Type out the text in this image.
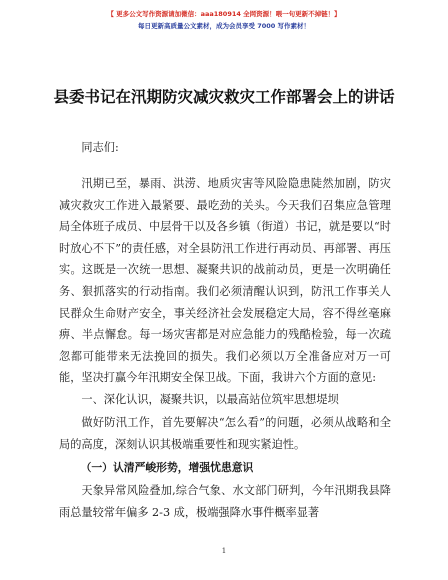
【 更多公文写作资源请加微信：aaa180914 全网资源！喂一句更新不掉链！】
每日更新高质量公文素材，成为会员享受 7000 写作素材！
县委书记在汛期防灾减灾救灾工作部署会上的讲话
同志们:
汛期已至，暴雨、洪涝、地质灾害等风险隐患陡然加剧，防灾减灾救灾工作进入最紧要、最吃劲的关头。今天我们召集应急管理局全体班子成员、中层骨干以及各乡镇（街道）书记，就是要以“时时放心不下”的责任感，对全县防汛工作进行再动员、再部署、再压实。这既是一次统一思想、凝聚共识的战前动员，更是一次明确任务、狠抓落实的行动指南。我们必须清醒认识到，防汛工作事关人民群众生命财产安全，事关经济社会发展稳定大局，容不得丝毫麻痹、半点懈怠。每一场灾害都是对应急能力的残酷检验，每一次疏忽都可能带来无法挽回的损失。我们必须以万全准备应对万一可能，坚决打赢今年汛期安全保卫战。下面，我讲六个方面的意见:
一、深化认识，凝聚共识，以最高站位筑牢思想堤坝
做好防汛工作，首先要解决“怎么看”的问题，必须从战略和全局的高度，深刻认识其极端重要性和现实紧迫性。
（一）认清严峻形势，增强忧患意识
天象异常风险叠加,综合气象、水文部门研判，今年汛期我县降雨总量较常年偏多 2-3 成，极端强降水事件概率显著
1
